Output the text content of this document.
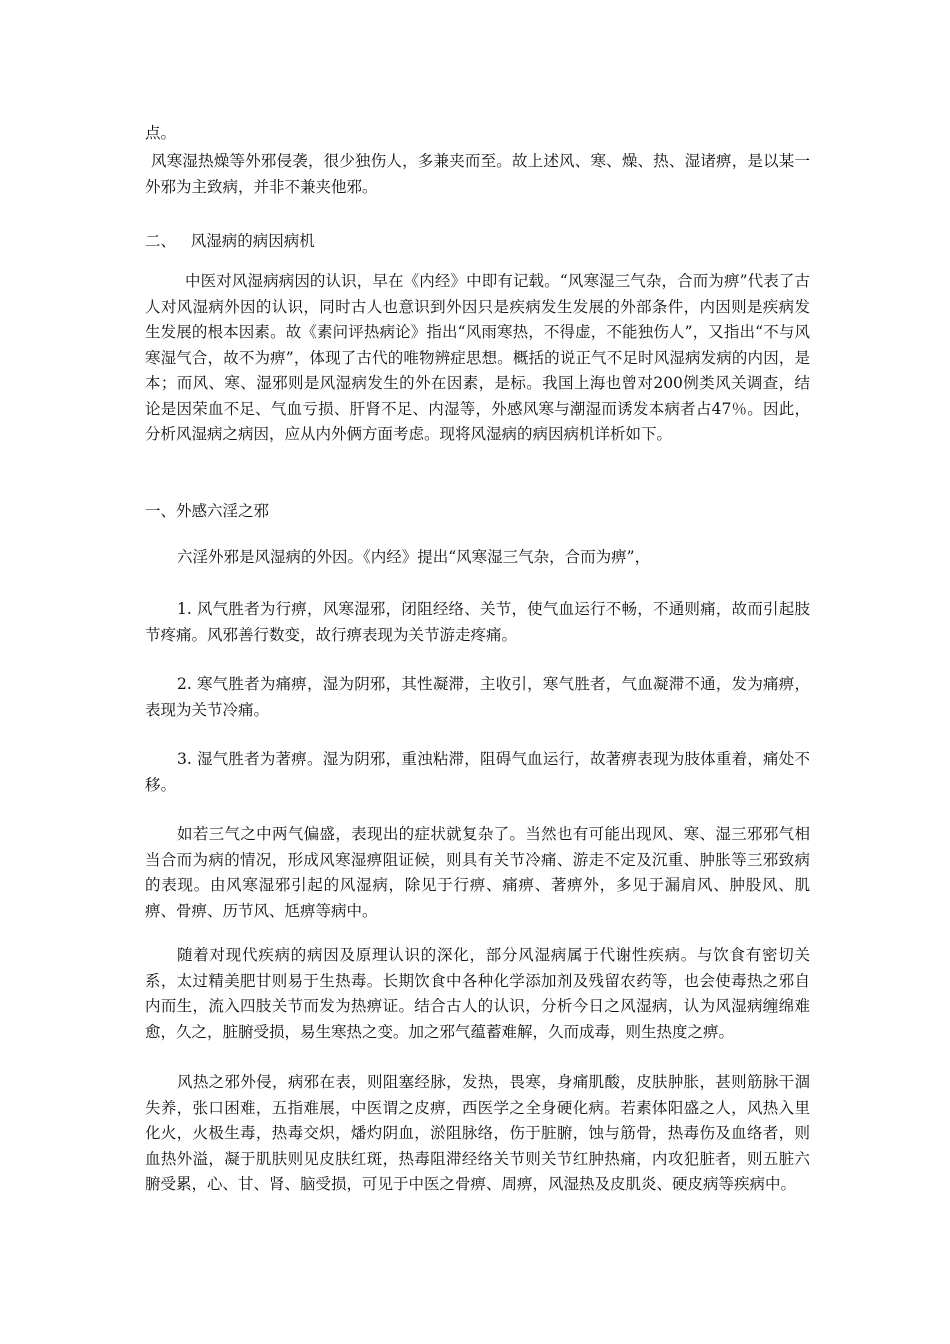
点。

风寒湿热燥等外邪侵袭，很少独伤人，多兼夹而至。故上述风、寒、燥、热、湿诸痹，是以某一外邪为主致病，并非不兼夹他邪。

二、   风湿病的病因病机

中医对风湿病病因的认识，早在《内经》中即有记载。“风寒湿三气杂，合而为痹”代表了古人对风湿病外因的认识，同时古人也意识到外因只是疾病发生发展的外部条件，内因则是疾病发生发展的根本因素。故《素问评热病论》指出“风雨寒热，不得虚，不能独伤人”，又指出“不与风寒湿气合，故不为痹”，体现了古代的唯物辨症思想。概括的说正气不足时风湿病发病的内因，是本；而风、寒、湿邪则是风湿病发生的外在因素，是标。我国上海也曾对200例类风关调查，结论是因荣血不足、气血亏损、肝肾不足、内湿等，外感风寒与潮湿而诱发本病者占47％。因此，分析风湿病之病因，应从内外俩方面考虑。现将风湿病的病因病机详析如下。

一、外感六淫之邪

六淫外邪是风湿病的外因。《内经》提出“风寒湿三气杂，合而为痹”，

1. 风气胜者为行痹，风寒湿邪，闭阻经络、关节，使气血运行不畅，不通则痛，故而引起肢节疼痛。风邪善行数变，故行痹表现为关节游走疼痛。

2. 寒气胜者为痛痹，湿为阴邪，其性凝滞，主收引，寒气胜者，气血凝滞不通，发为痛痹，表现为关节冷痛。

3. 湿气胜者为著痹。湿为阴邪，重浊粘滞，阻碍气血运行，故著痹表现为肢体重着，痛处不移。

如若三气之中两气偏盛，表现出的症状就复杂了。当然也有可能出现风、寒、湿三邪邪气相当合而为病的情况，形成风寒湿痹阻证候，则具有关节冷痛、游走不定及沉重、肿胀等三邪致病的表现。由风寒湿邪引起的风湿病，除见于行痹、痛痹、著痹外，多见于漏肩风、肿股风、肌痹、骨痹、历节风、尪痹等病中。

随着对现代疾病的病因及原理认识的深化，部分风湿病属于代谢性疾病。与饮食有密切关系，太过精美肥甘则易于生热毒。长期饮食中各种化学添加剂及残留农药等，也会使毒热之邪自内而生，流入四肢关节而发为热痹证。结合古人的认识，分析今日之风湿病，认为风湿病缠绵难愈，久之，脏腑受损，易生寒热之变。加之邪气蕴蓄难解，久而成毒，则生热度之痹。

风热之邪外侵，病邪在表，则阻塞经脉，发热，畏寒，身痛肌酸，皮肤肿胀，甚则筋脉干涸失养，张口困难，五指难展，中医谓之皮痹，西医学之全身硬化病。若素体阳盛之人，风热入里化火，火极生毒，热毒交炽，燔灼阴血，淤阻脉络，伤于脏腑，蚀与筋骨，热毒伤及血络者，则血热外溢，凝于肌肤则见皮肤红斑，热毒阻滞经络关节则关节红肿热痛，内攻犯脏者，则五脏六腑受累，心、甘、肾、脑受损，可见于中医之骨痹、周痹，风湿热及皮肌炎、硬皮病等疾病中。
